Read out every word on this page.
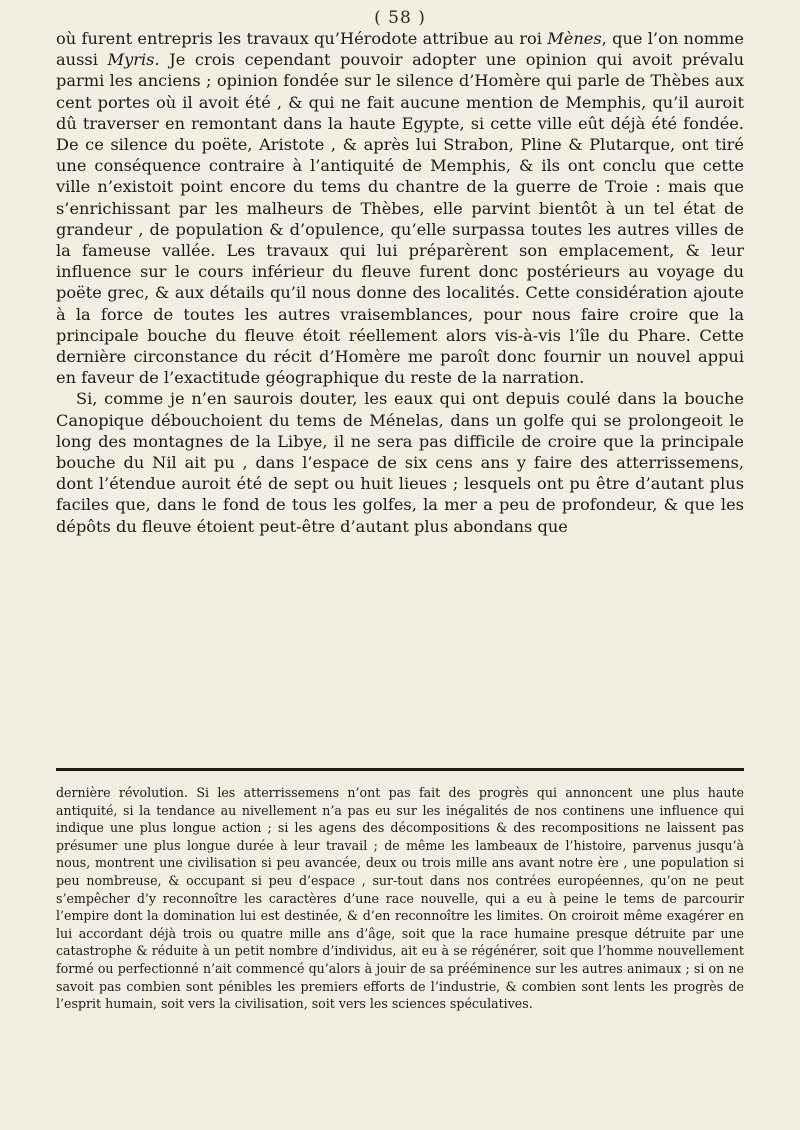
( 58 )

où furent entrepris les travaux qu’Hérodote attribue au roi Mènes, que l’on nomme aussi Myris. Je crois cependant pouvoir adopter une opinion qui avoit prévalu parmi les anciens ; opinion fondée sur le silence d’Homère qui parle de Thèbes aux cent portes où il avoit été , & qui ne fait aucune mention de Memphis, qu’il auroit dû traverser en remontant dans la haute Egypte, si cette ville eût déjà été fondée. De ce silence du poëte, Aristote , & après lui Strabon, Pline & Plutarque, ont tiré une conséquence contraire à l’antiquité de Memphis, & ils ont conclu que cette ville n’existoit point encore du tems du chantre de la guerre de Troie : mais que s’enrichissant par les malheurs de Thèbes, elle parvint bientôt à un tel état de grandeur , de population & d’opulence, qu’elle surpassa toutes les autres villes de la fameuse vallée. Les travaux qui lui préparèrent son emplacement, & leur influence sur le cours inférieur du fleuve furent donc postérieurs au voyage du poëte grec, & aux détails qu’il nous donne des localités. Cette considération ajoute à la force de toutes les autres vraisemblances, pour nous faire croire que la principale bouche du fleuve étoit réellement alors vis-à-vis l’île du Phare. Cette dernière circonstance du récit d’Homère me paroît donc fournir un nouvel appui en faveur de l’exactitude géographique du reste de la narration.

Si, comme je n’en saurois douter, les eaux qui ont depuis coulé dans la bouche Canopique débouchoient du tems de Ménelas, dans un golfe qui se prolongeoit le long des montagnes de la Libye, il ne sera pas difficile de croire que la principale bouche du Nil ait pu , dans l’espace de six cens ans y faire des atterrissemens, dont l’étendue auroit été de sept ou huit lieues ; lesquels ont pu être d’autant plus faciles que, dans le fond de tous les golfes, la mer a peu de profondeur, & que les dépôts du fleuve étoient peut-être d’autant plus abondans que

dernière révolution. Si les atterrissemens n’ont pas fait des progrès qui annoncent une plus haute antiquité, si la tendance au nivellement n’a pas eu sur les inégalités de nos continens une influence qui indique une plus longue action ; si les agens des décompositions & des recompositions ne laissent pas présumer une plus longue durée à leur travail ; de même les lambeaux de l’histoire, parvenus jusqu’à nous, montrent une civilisation si peu avancée, deux ou trois mille ans avant notre ère , une population si peu nombreuse, & occupant si peu d’espace , sur-tout dans nos contrées européennes, qu’on ne peut s’empêcher d’y reconnoître les caractères d’une race nouvelle, qui a eu à peine le tems de parcourir l’empire dont la domination lui est destinée, & d’en reconnoître les limites. On croiroit même exagérer en lui accordant déjà trois ou quatre mille ans d’âge, soit que la race humaine presque détruite par une catastrophe & réduite à un petit nombre d’individus, ait eu à se régénérer, soit que l’homme nouvellement formé ou perfectionné n’ait commencé qu’alors à jouir de sa prééminence sur les autres animaux ; si on ne savoit pas combien sont pénibles les premiers efforts de l’industrie, & combien sont lents les progrès de l’esprit humain, soit vers la civilisation, soit vers les sciences spéculatives.
